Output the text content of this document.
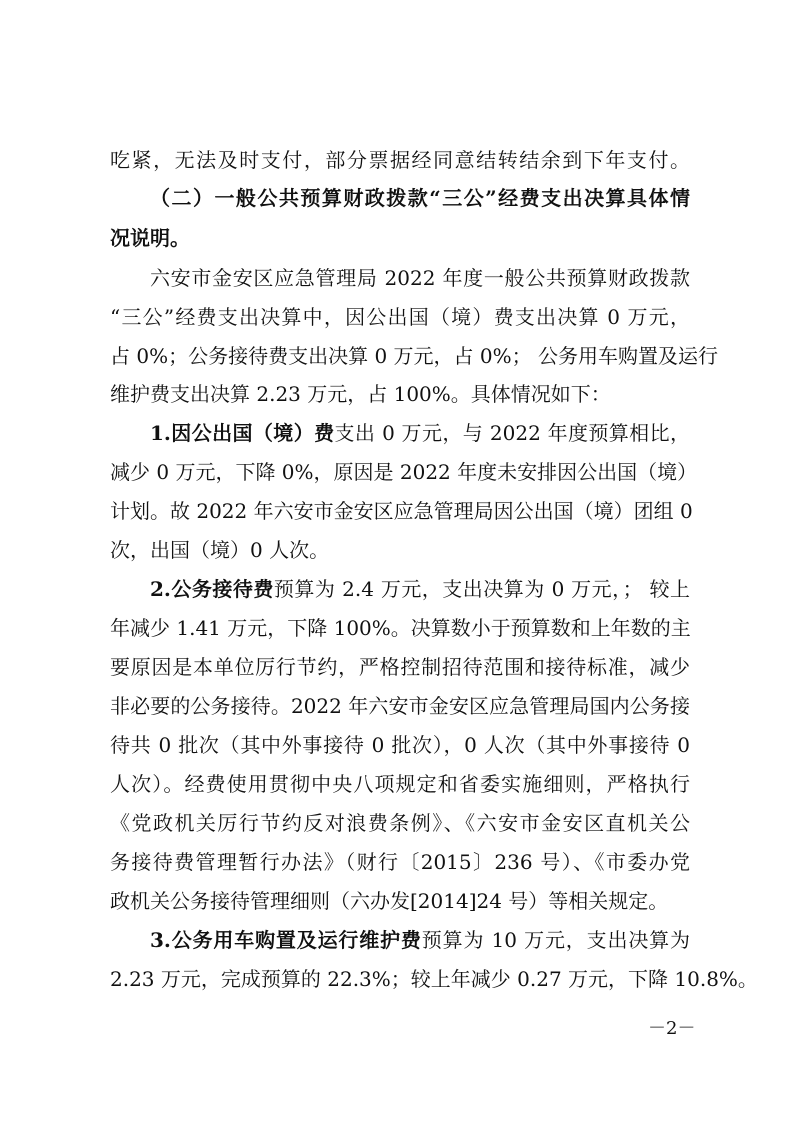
吃紧，无法及时支付，部分票据经同意结转结余到下年支付。
（二）一般公共预算财政拨款“三公”经费支出决算具体情
况说明。
六安市金安区应急管理局 2022 年度一般公共预算财政拨款
“三公”经费支出决算中，因公出国（境）费支出决算 0 万元，
占 0%；公务接待费支出决算 0 万元，占 0%； 公务用车购置及运行
维护费支出决算 2.23 万元，占 100%。具体情况如下：
1.因公出国（境）费支出 0 万元，与 2022 年度预算相比，
减少 0 万元，下降 0%，原因是 2022 年度未安排因公出国（境）
计划。故 2022 年六安市金安区应急管理局因公出国（境）团组 0
次，出国（境）0 人次。
2.公务接待费预算为 2.4 万元，支出决算为 0 万元，； 较上
年减少 1.41 万元，下降 100%。决算数小于预算数和上年数的主
要原因是本单位厉行节约，严格控制招待范围和接待标准，减少
非必要的公务接待。2022 年六安市金安区应急管理局国内公务接
待共 0 批次（其中外事接待 0 批次），0 人次（其中外事接待 0
人次）。经费使用贯彻中央八项规定和省委实施细则，严格执行
《党政机关厉行节约反对浪费条例》、《六安市金安区直机关公
务接待费管理暂行办法》（财行〔2015〕236 号）、《市委办党
政机关公务接待管理细则（六办发[2014]24 号）等相关规定。
3.公务用车购置及运行维护费预算为 10 万元，支出决算为
2.23 万元，完成预算的 22.3%；较上年减少 0.27 万元，下降 10.8%。
－2－
